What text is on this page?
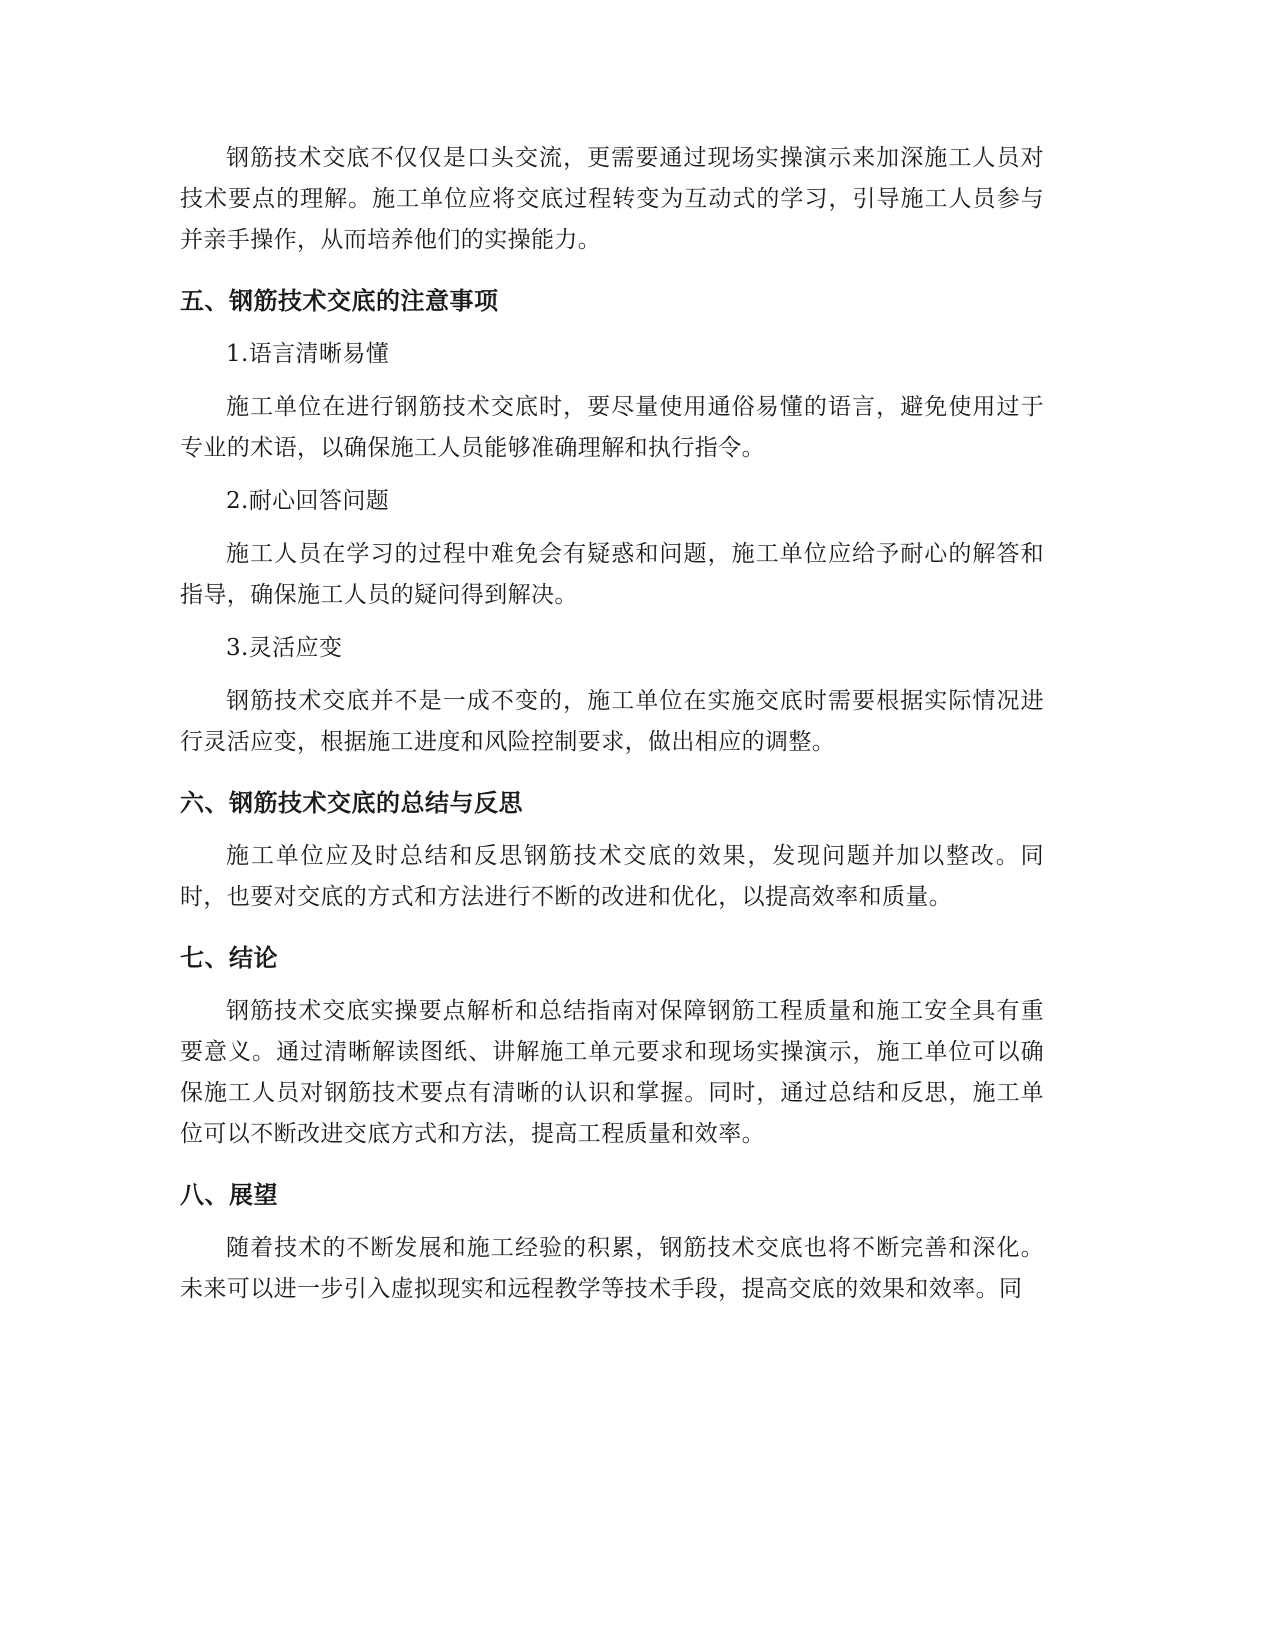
钢筋技术交底不仅仅是口头交流，更需要通过现场实操演示来加深施工人员对技术要点的理解。施工单位应将交底过程转变为互动式的学习，引导施工人员参与并亲手操作，从而培养他们的实操能力。

五、钢筋技术交底的注意事项

1.语言清晰易懂

施工单位在进行钢筋技术交底时，要尽量使用通俗易懂的语言，避免使用过于专业的术语，以确保施工人员能够准确理解和执行指令。

2.耐心回答问题

施工人员在学习的过程中难免会有疑惑和问题，施工单位应给予耐心的解答和指导，确保施工人员的疑问得到解决。

3.灵活应变

钢筋技术交底并不是一成不变的，施工单位在实施交底时需要根据实际情况进行灵活应变，根据施工进度和风险控制要求，做出相应的调整。

六、钢筋技术交底的总结与反思

施工单位应及时总结和反思钢筋技术交底的效果，发现问题并加以整改。同时，也要对交底的方式和方法进行不断的改进和优化，以提高效率和质量。

七、结论

钢筋技术交底实操要点解析和总结指南对保障钢筋工程质量和施工安全具有重要意义。通过清晰解读图纸、讲解施工单元要求和现场实操演示，施工单位可以确保施工人员对钢筋技术要点有清晰的认识和掌握。同时，通过总结和反思，施工单位可以不断改进交底方式和方法，提高工程质量和效率。

八、展望

随着技术的不断发展和施工经验的积累，钢筋技术交底也将不断完善和深化。未来可以进一步引入虚拟现实和远程教学等技术手段，提高交底的效果和效率。同
